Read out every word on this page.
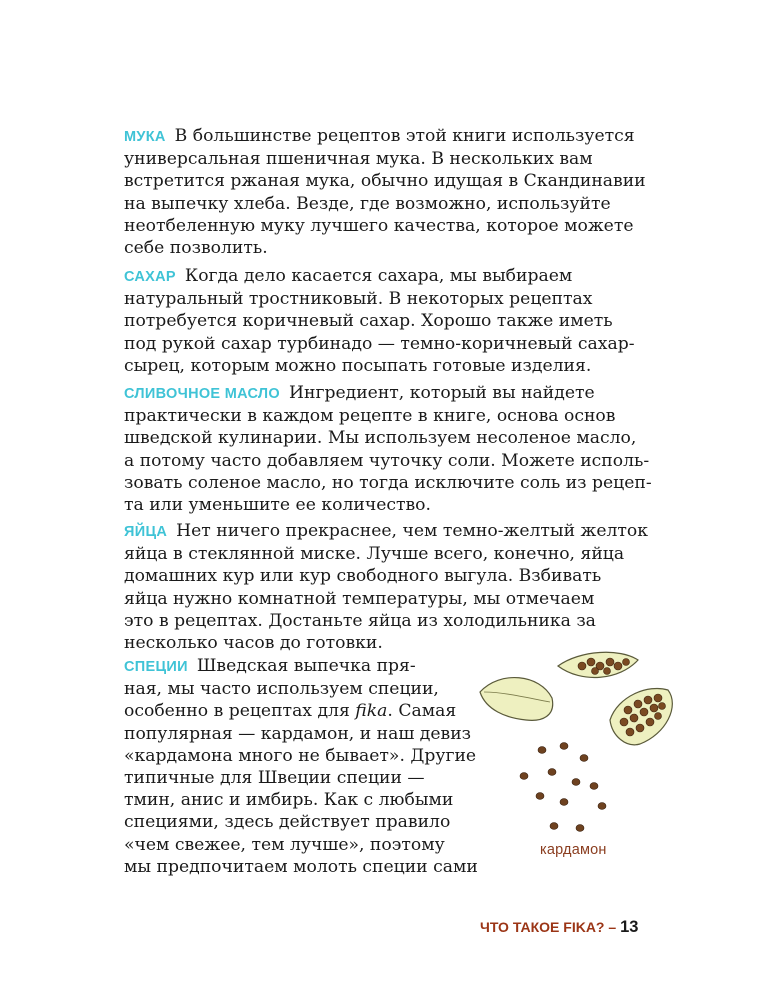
МУКА В большинстве рецептов этой книги используется
универсальная пшеничная мука. В нескольких вам
встретится ржаная мука, обычно идущая в Скандинавии
на выпечку хлеба. Везде, где возможно, используйте
неотбеленную муку лучшего качества, которое можете
себе позволить.
САХАР Когда дело касается сахара, мы выбираем
натуральный тростниковый. В некоторых рецептах
потребуется коричневый сахар. Хорошо также иметь
под рукой сахар турбинадо — темно-коричневый сахар-
сырец, которым можно посыпать готовые изделия.
СЛИВОЧНОЕ МАСЛО Ингредиент, который вы найдете
практически в каждом рецепте в книге, основа основ
шведской кулинарии. Мы используем несоленое масло,
а потому часто добавляем чуточку соли. Можете исполь-
зовать соленое масло, но тогда исключите соль из рецеп-
та или уменьшите ее количество.
ЯЙЦА Нет ничего прекраснее, чем темно-желтый желток
яйца в стеклянной миске. Лучше всего, конечно, яйца
домашних кур или кур свободного выгула. Взбивать
яйца нужно комнатной температуры, мы отмечаем
это в рецептах. Достаньте яйца из холодильника за
несколько часов до готовки.
СПЕЦИИ Шведская выпечка пря-
ная, мы часто используем специи,
особенно в рецептах для fika. Самая
популярная — кардамон, и наш девиз
«кардамона много не бывает». Другие
типичные для Швеции специи —
тмин, анис и имбирь. Как с любыми
специями, здесь действует правило
«чем свежее, тем лучше», поэтому
мы предпочитаем молоть специи сами
кардамон
ЧТО ТАКОЕ FIKA? – 13
